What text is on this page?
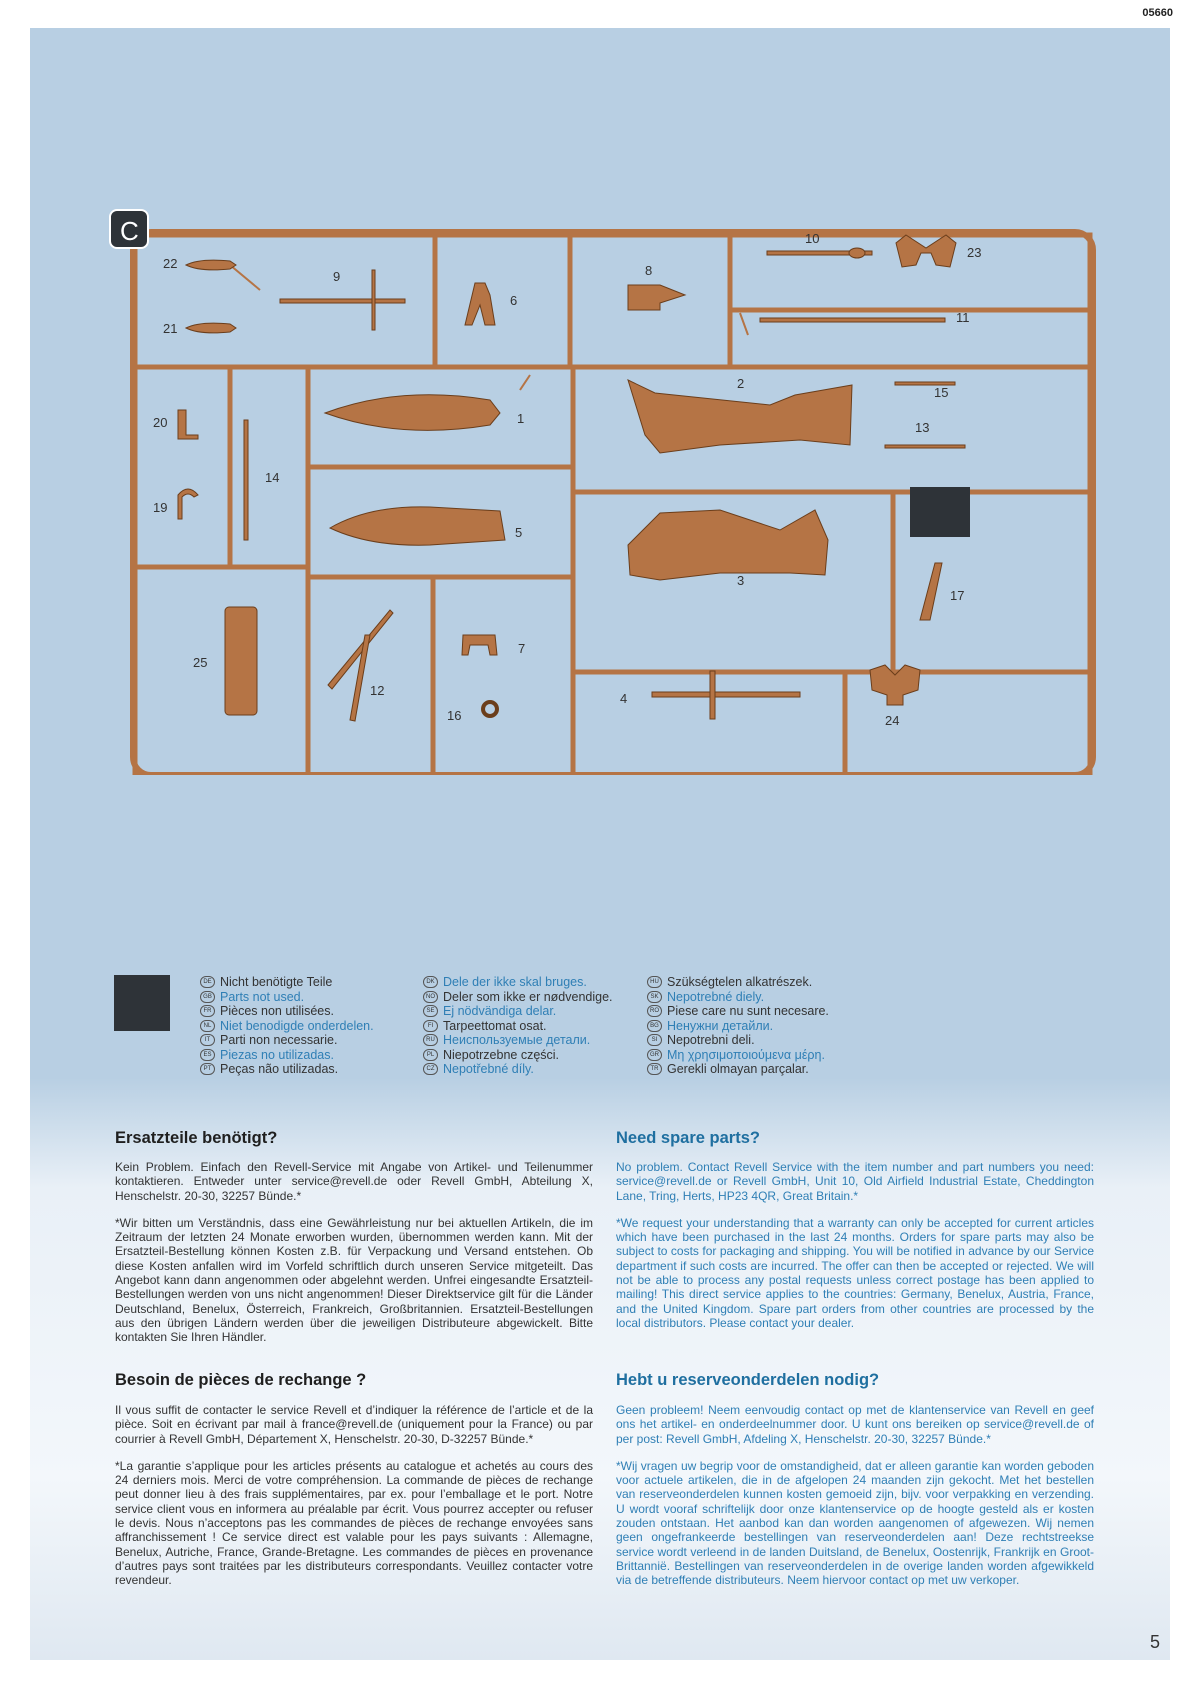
05660
C
22
21
9
6
8
10
23
11
20
19
14
1
2
15
13
5
3
17
25
12
7
16
4
24
DE Nicht benötigte Teile
GB Parts not used.
FR Pièces non utilisées.
NL Niet benodigde onderdelen.
IT Parti non necessarie.
ES Piezas no utilizadas.
PT Peças não utilizadas.
DK Dele der ikke skal bruges.
NO Deler som ikke er nødvendige.
SE Ej nödvändiga delar.
FI Tarpeettomat osat.
RU Неиспользуемые детали.
PL Niepotrzebne części.
CZ Nepotřebné díly.
HU Szükségtelen alkatrészek.
SK Nepotrebné diely.
RO Piese care nu sunt necesare.
BG Ненужни детайли.
SI Nepotrebni deli.
GR Μη χρησιμοποιούμενα μέρη.
TR Gerekli olmayan parçalar.
Ersatzteile benötigt?

Kein Problem. Einfach den Revell-Service mit Angabe von Artikel- und Teilenummer kontaktieren. Entweder unter service@revell.de oder Revell GmbH, Abteilung X, Henschelstr. 20-30, 32257 Bünde.*

*Wir bitten um Verständnis, dass eine Gewährleistung nur bei aktuellen Artikeln, die im Zeitraum der letzten 24 Monate erworben wurden, übernommen werden kann. Mit der Ersatzteil-Bestellung können Kosten z.B. für Verpackung und Versand entstehen. Ob diese Kosten anfallen wird im Vorfeld schriftlich durch unseren Service mitgeteilt. Das Angebot kann dann angenommen oder abgelehnt werden. Unfrei eingesandte Ersatzteil-Bestellungen werden von uns nicht angenommen! Dieser Direktservice gilt für die Länder Deutschland, Benelux, Österreich, Frankreich, Großbritannien. Ersatzteil-Bestellungen aus den übrigen Ländern werden über die jeweiligen Distributeure abgewickelt. Bitte kontakten Sie Ihren Händler.

Need spare parts?

No problem. Contact Revell Service with the item number and part numbers you need: service@revell.de or Revell GmbH, Unit 10, Old Airfield Industrial Estate, Cheddington Lane, Tring, Herts, HP23 4QR, Great Britain.*

*We request your understanding that a warranty can only be accepted for current articles which have been purchased in the last 24 months. Orders for spare parts may also be subject to costs for packaging and shipping. You will be notified in advance by our Service department if such costs are incurred. The offer can then be accepted or rejected. We will not be able to process any postal requests unless correct postage has been applied to mailing! This direct service applies to the countries: Germany, Benelux, Austria, France, and the United Kingdom. Spare part orders from other countries are processed by the local distributors. Please contact your dealer.

Besoin de pièces de rechange ?

Il vous suffit de contacter le service Revell et d’indiquer la référence de l’article et de la pièce. Soit en écrivant par mail à france@revell.de (uniquement pour la France) ou par courrier à Revell GmbH, Département X, Henschelstr. 20-30, D-32257 Bünde.*

*La garantie s’applique pour les articles présents au catalogue et achetés au cours des 24 derniers mois. Merci de votre compréhension. La commande de pièces de rechange peut donner lieu à des frais supplémentaires, par ex. pour l’emballage et le port. Notre service client vous en informera au préalable par écrit. Vous pourrez accepter ou refuser le devis. Nous n’acceptons pas les commandes de pièces de rechange envoyées sans affranchissement ! Ce service direct est valable pour les pays suivants : Allemagne, Benelux, Autriche, France, Grande-Bretagne. Les commandes de pièces en provenance d’autres pays sont traitées par les distributeurs correspondants. Veuillez contacter votre revendeur.

Hebt u reserveonderdelen nodig?

Geen probleem! Neem eenvoudig contact op met de klantenservice van Revell en geef ons het artikel- en onderdeelnummer door. U kunt ons bereiken op service@revell.de of per post: Revell GmbH, Afdeling X, Henschelstr. 20-30, 32257 Bünde.*

*Wij vragen uw begrip voor de omstandigheid, dat er alleen garantie kan worden geboden voor actuele artikelen, die in de afgelopen 24 maanden zijn gekocht. Met het bestellen van reserveonderdelen kunnen kosten gemoeid zijn, bijv. voor verpakking en verzending. U wordt vooraf schriftelijk door onze klantenservice op de hoogte gesteld als er kosten zouden ontstaan. Het aanbod kan dan worden aangenomen of afgewezen. Wij nemen geen ongefrankeerde bestellingen van reserveonderdelen aan! Deze rechtstreekse service wordt verleend in de landen Duitsland, de Benelux, Oostenrijk, Frankrijk en Groot-Brittannië. Bestellingen van reserveonderdelen in de overige landen worden afgewikkeld via de betreffende distributeurs. Neem hiervoor contact op met uw verkoper.

5
